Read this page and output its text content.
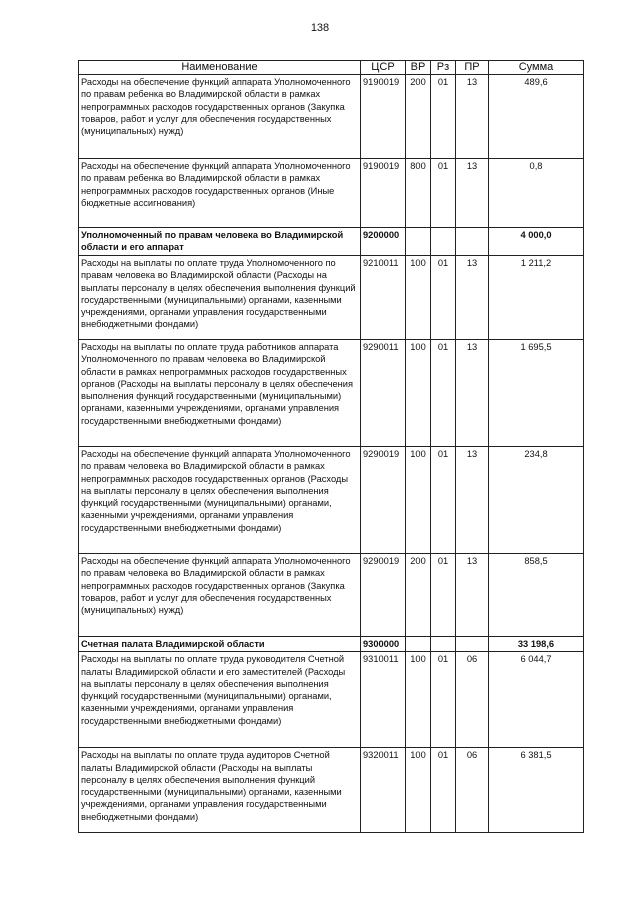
138
Наименование	ЦСР	ВР	Рз	ПР	Сумма
Расходы на обеспечение функций аппарата Уполномоченного по правам ребенка во Владимирской области в рамках непрограммных расходов государственных органов (Закупка товаров, работ и услуг для обеспечения государственных (муниципальных) нужд)	9190019	200	01	13	489,6
Расходы на обеспечение функций аппарата Уполномоченного по правам ребенка во Владимирской области в рамках непрограммных расходов государственных органов (Иные бюджетные ассигнования)	9190019	800	01	13	0,8
Уполномоченный по правам человека во Владимирской области и его аппарат	9200000				4 000,0
Расходы на выплаты по оплате труда Уполномоченного по правам человека во Владимирской области (Расходы на выплаты персоналу в целях обеспечения выполнения функций государственными (муниципальными) органами, казенными учреждениями, органами управления государственными внебюджетными фондами)	9210011	100	01	13	1 211,2
Расходы на выплаты по оплате труда работников аппарата Уполномоченного по правам человека во Владимирской области в рамках непрограммных расходов государственных органов (Расходы на выплаты персоналу в целях обеспечения выполнения функций государственными (муниципальными) органами, казенными учреждениями, органами управления государственными внебюджетными фондами)	9290011	100	01	13	1 695,5
Расходы на обеспечение функций аппарата Уполномоченного по правам человека во Владимирской области в рамках непрограммных расходов государственных органов (Расходы на выплаты персоналу в целях обеспечения выполнения функций государственными (муниципальными) органами, казенными учреждениями, органами управления государственными внебюджетными фондами)	9290019	100	01	13	234,8
Расходы на обеспечение функций аппарата Уполномоченного по правам человека во Владимирской области в рамках непрограммных расходов государственных органов (Закупка товаров, работ и услуг для обеспечения государственных (муниципальных) нужд)	9290019	200	01	13	858,5
Счетная палата Владимирской области	9300000				33 198,6
Расходы на выплаты по оплате труда руководителя Счетной палаты Владимирской области и его заместителей (Расходы на выплаты персоналу в целях обеспечения выполнения функций государственными (муниципальными) органами, казенными учреждениями, органами управления государственными внебюджетными фондами)	9310011	100	01	06	6 044,7
Расходы на выплаты по оплате труда аудиторов Счетной палаты Владимирской области (Расходы на выплаты персоналу в целях обеспечения выполнения функций государственными (муниципальными) органами, казенными учреждениями, органами управления государственными внебюджетными фондами)	9320011	100	01	06	6 381,5
